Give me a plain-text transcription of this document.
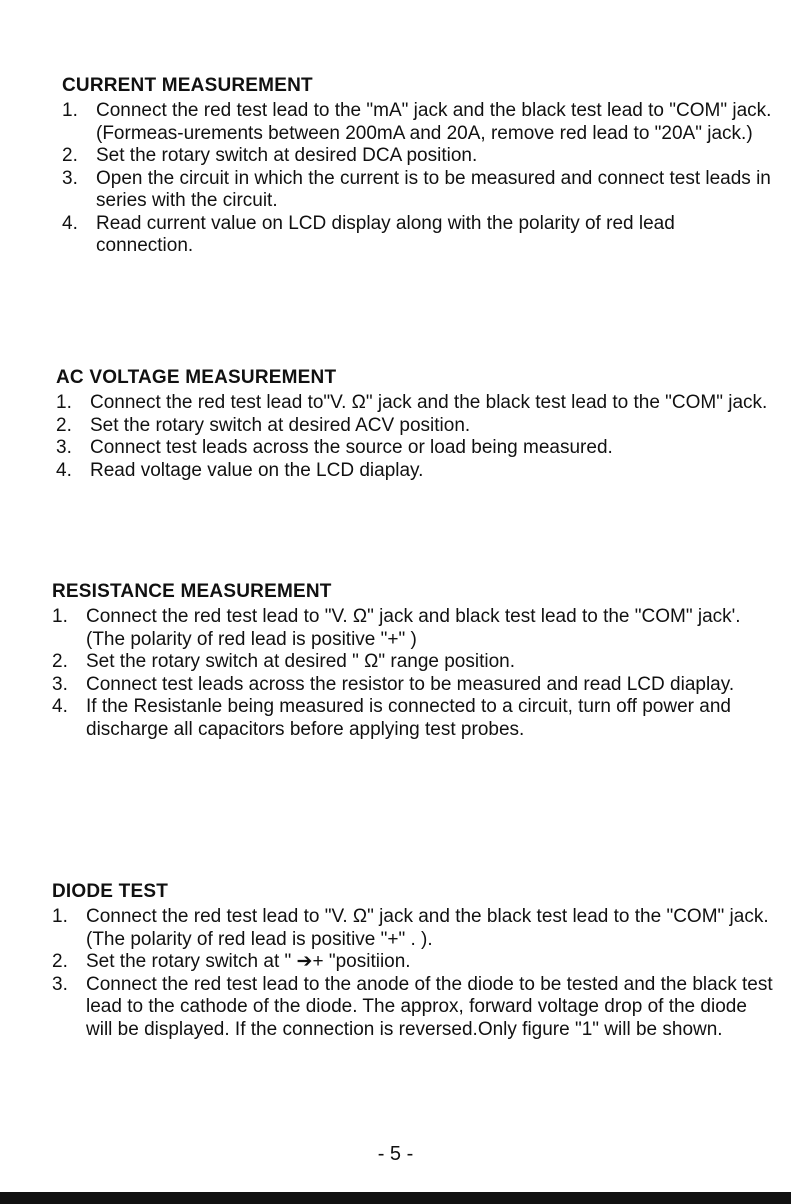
CURRENT MEASUREMENT
1. Connect the red test lead to the "mA" jack and the black test lead to "COM" jack. (Formeas-urements between 200mA and 20A, remove red lead to "20A" jack.)
2. Set the rotary switch at desired DCA position.
3. Open the circuit in which the current is to be measured and connect test leads in series with the circuit.
4. Read current value on LCD display along with the polarity of red lead connection.
AC VOLTAGE MEASUREMENT
1. Connect the red test lead to"V. Ω" jack and the black test lead to the "COM" jack.
2. Set the rotary switch at desired ACV position.
3. Connect test leads across the source or load being measured.
4. Read voltage value on the LCD diaplay.
RESISTANCE MEASUREMENT
1. Connect the red test lead to "V. Ω" jack and black test lead to the "COM" jack'. (The polarity of red lead is positive "+" )
2. Set the rotary switch at desired " Ω" range position.
3. Connect test leads across the resistor to be measured and read LCD diaplay.
4. If the Resistanle being measured is connected to a circuit, turn off power and discharge all capacitors before applying test probes.
DIODE TEST
1. Connect the red test lead to "V. Ω" jack and the black test lead to the "COM" jack. (The polarity of red lead is positive "+" . ).
2. Set the rotary switch at " ➔+ "positiion.
3. Connect the red test lead to the anode of the diode to be tested and the black test lead to the cathode of the diode. The approx, forward voltage drop of the diode will be displayed. If the connection is reversed.Only figure "1" will be shown.
- 5 -
